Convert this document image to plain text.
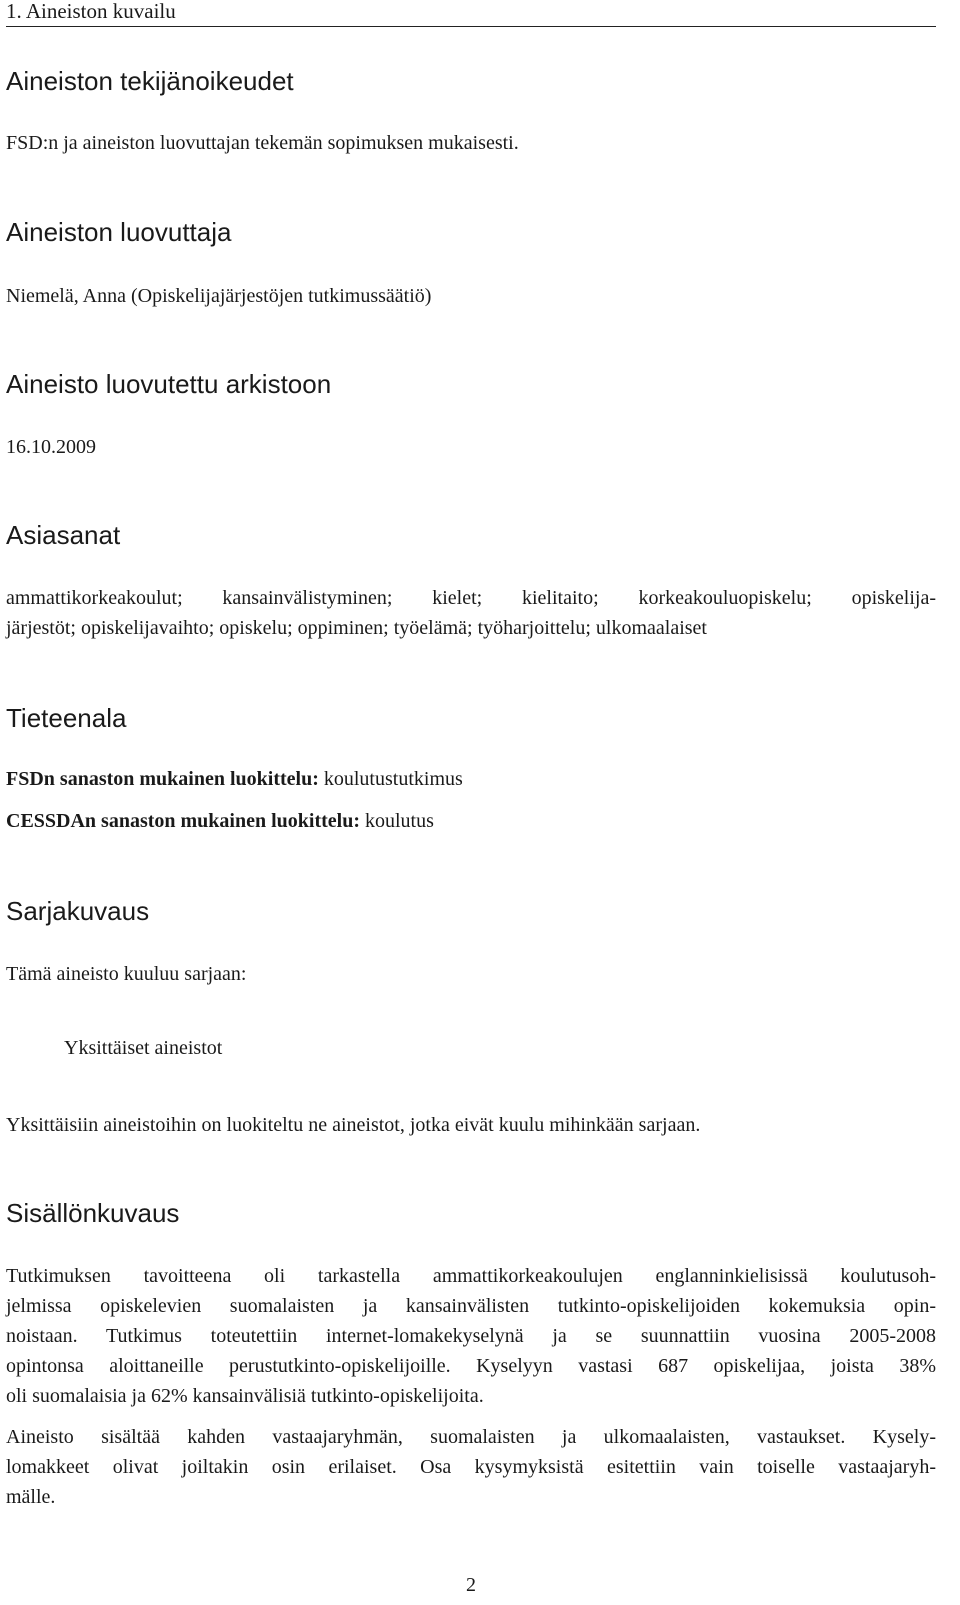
1. Aineiston kuvailu
Aineiston tekijänoikeudet

FSD:n ja aineiston luovuttajan tekemän sopimuksen mukaisesti.

Aineiston luovuttaja

Niemelä, Anna (Opiskelijajärjestöjen tutkimussäätiö)

Aineisto luovutettu arkistoon

16.10.2009

Asiasanat
ammattikorkeakoulut; kansainvälistyminen; kielet; kielitaito; korkeakouluopiskelu; opiskelija-
järjestöt; opiskelijavaihto; opiskelu; oppiminen; työelämä; työharjoittelu; ulkomaalaiset
Tieteenala

FSDn sanaston mukainen luokittelu: koulutustutkimus

CESSDAn sanaston mukainen luokittelu: koulutus

Sarjakuvaus

Tämä aineisto kuuluu sarjaan:

Yksittäiset aineistot

Yksittäisiin aineistoihin on luokiteltu ne aineistot, jotka eivät kuulu mihinkään sarjaan.

Sisällönkuvaus
Tutkimuksen tavoitteena oli tarkastella ammattikorkeakoulujen englanninkielisissä koulutusoh-
jelmissa opiskelevien suomalaisten ja kansainvälisten tutkinto-opiskelijoiden kokemuksia opin-
noistaan. Tutkimus toteutettiin internet-lomakekyselynä ja se suunnattiin vuosina 2005-2008
opintonsa aloittaneille perustutkinto-opiskelijoille. Kyselyyn vastasi 687 opiskelijaa, joista 38%
oli suomalaisia ja 62% kansainvälisiä tutkinto-opiskelijoita.
Aineisto sisältää kahden vastaajaryhmän, suomalaisten ja ulkomaalaisten, vastaukset. Kysely-
lomakkeet olivat joiltakin osin erilaiset. Osa kysymyksistä esitettiin vain toiselle vastaajaryh-
mälle.
2
